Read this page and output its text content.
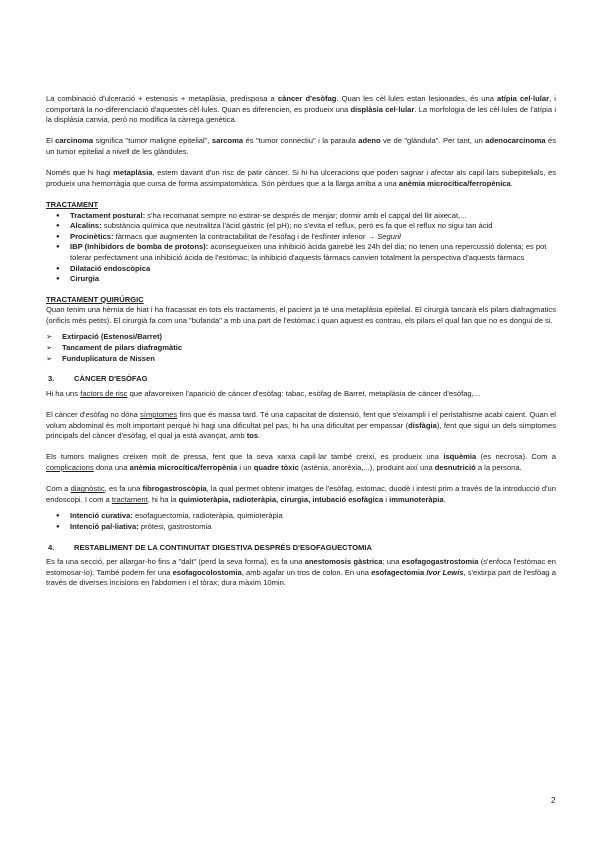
La combinació d'ulceració + estenosis + metaplàsia, predisposa a càncer d'esòfag. Quan les cèl·lules estan lesionades, és una atípia cel·lular, i comportarà la no-diferenciació d'aquestes cèl·lules. Quan es diferencien, es produeix una displàsia cel·lular. La morfologia de les cèl·lules de l'atípia i la displàsia canvia, però no modifica la càrrega genètica.

El carcinoma significa "tumor maligne epitelial", sarcoma és "tumor connectiu" i la paraula adeno ve de "glàndula". Per tant, un adenocarcinoma és un tumor epitelial a nivell de les glàndules.

Només que hi hagi metaplàsia, estem davant d'un risc de patir càncer. Si hi ha ulceracions que poden sagnar i afectar als capil·lars subepitelials, es produeix una hemorràgia que cursa de forma assimpatomàtica. Són pèrdues que a la llarga arriba a una anèmia microcítica/ferropènica.

TRACTAMENT
● Tractament postural: s'ha recomanat sempre no estirar-se després de menjar; dormir amb el capçal del llit aixecat,...
● Alcalins: substància química que neutralitza l'àcid gàstric (el pH); no s'evita el reflux, però es fa que el reflux no sigui tan àcid
● Procinètics: fàrmacs que augmenten la contractabilitat de l'esòfag i de l'esfínter inferior → Seguril
● IBP (Inhibidors de bomba de protons): aconsegueixen una inhibició àcida gairebé les 24h del dia; no tenen una repercussió dolenta; es pot tolerar perfectament una inhibició àcida de l'estòmac; la inhibició d'aquests fàrmacs canvien totalment la perspectiva d'aquests fàrmacs
● Dilatació endoscòpica
● Cirurgia
TRACTAMENT QUIRÚRGIC

Quan tenim una hèrnia de hiat i ha fracassat en tots els tractaments, el pacient ja té una metaplàsia epitelial. El cirurgià tancarà els pilars diafragmatics (orificis més petits). El cirurgià fa com una "bufanda" a mb una part de l'estòmac i quan aquest es contrau, els pilars el qual fan que no es dongui de si.

➢ Extirpació (Estenosi/Barret)
➢ Tancament de pilars diafragmàtic
➢ Funduplicatura de Nissen
3.	CÀNCER D'ESÒFAG

Hi ha uns factors de risc que afavoreixen l'aparició de càncer d'esòfag: tabac, esòfag de Barret, metaplàsia de càncer d'esòfag,...

El càncer d'esòfag no dóna símptomes fins que és massa tard. Té una capacitat de distensió, fent que s'eixampli i el peristaltisme acabi caient. Quan el volum abdominal és molt important perquè hi hagi una dificultat pel pas, hi ha una dificultat per empassar (disfàgia), fent que sigui un dels símptomes principals del càncer d'esòfag, el qual ja està avançat, amb tos.

Els tumors malignes creixen molt de pressa, fent que la seva xarxa capil·lar també creixi, es produeix una isquèmia (es necrosa). Com a complicacions dona una anèmia microcítica/ferropènia i un quadre tòxic (astènia, anorèxia,...), produint així una desnutrició a la persona.

Com a diagnòstic, es fa una fibrogastroscòpia, la qual permet obtenir imatges de l'esòfag, estomac, duodè i intesti prim a través de la introducció d'un endoscopi. I com a tractament, hi ha la quimioteràpia, radioteràpia, cirurgia, intubació esofàgica i immunoteràpia.

● Intenció curativa: esofaguectomia, radioteràpia, quimioteràpia
● Intenció pal·liativa: pròtesi, gastrostomia
4.	RESTABLIMENT DE LA CONTINUITAT DIGESTIVA DESPRÉS D'ESOFAGUECTOMIA

Es fa una secció, per allargar-ho fins a "dalt" (perd la seva forma), es fa una anestomosis gàstrica; una esofagogastrostomia (s'enfoca l'estòmac en estomosar-lo). També podem fer una esofagocolostomia, amb agafar un tros de colon. En una esofagectomia Ivor Lewis, s'extirpa part de l'esfòag a través de diverses incisions en l'abdomen i el tòrax; dura màxim 10min.

2
